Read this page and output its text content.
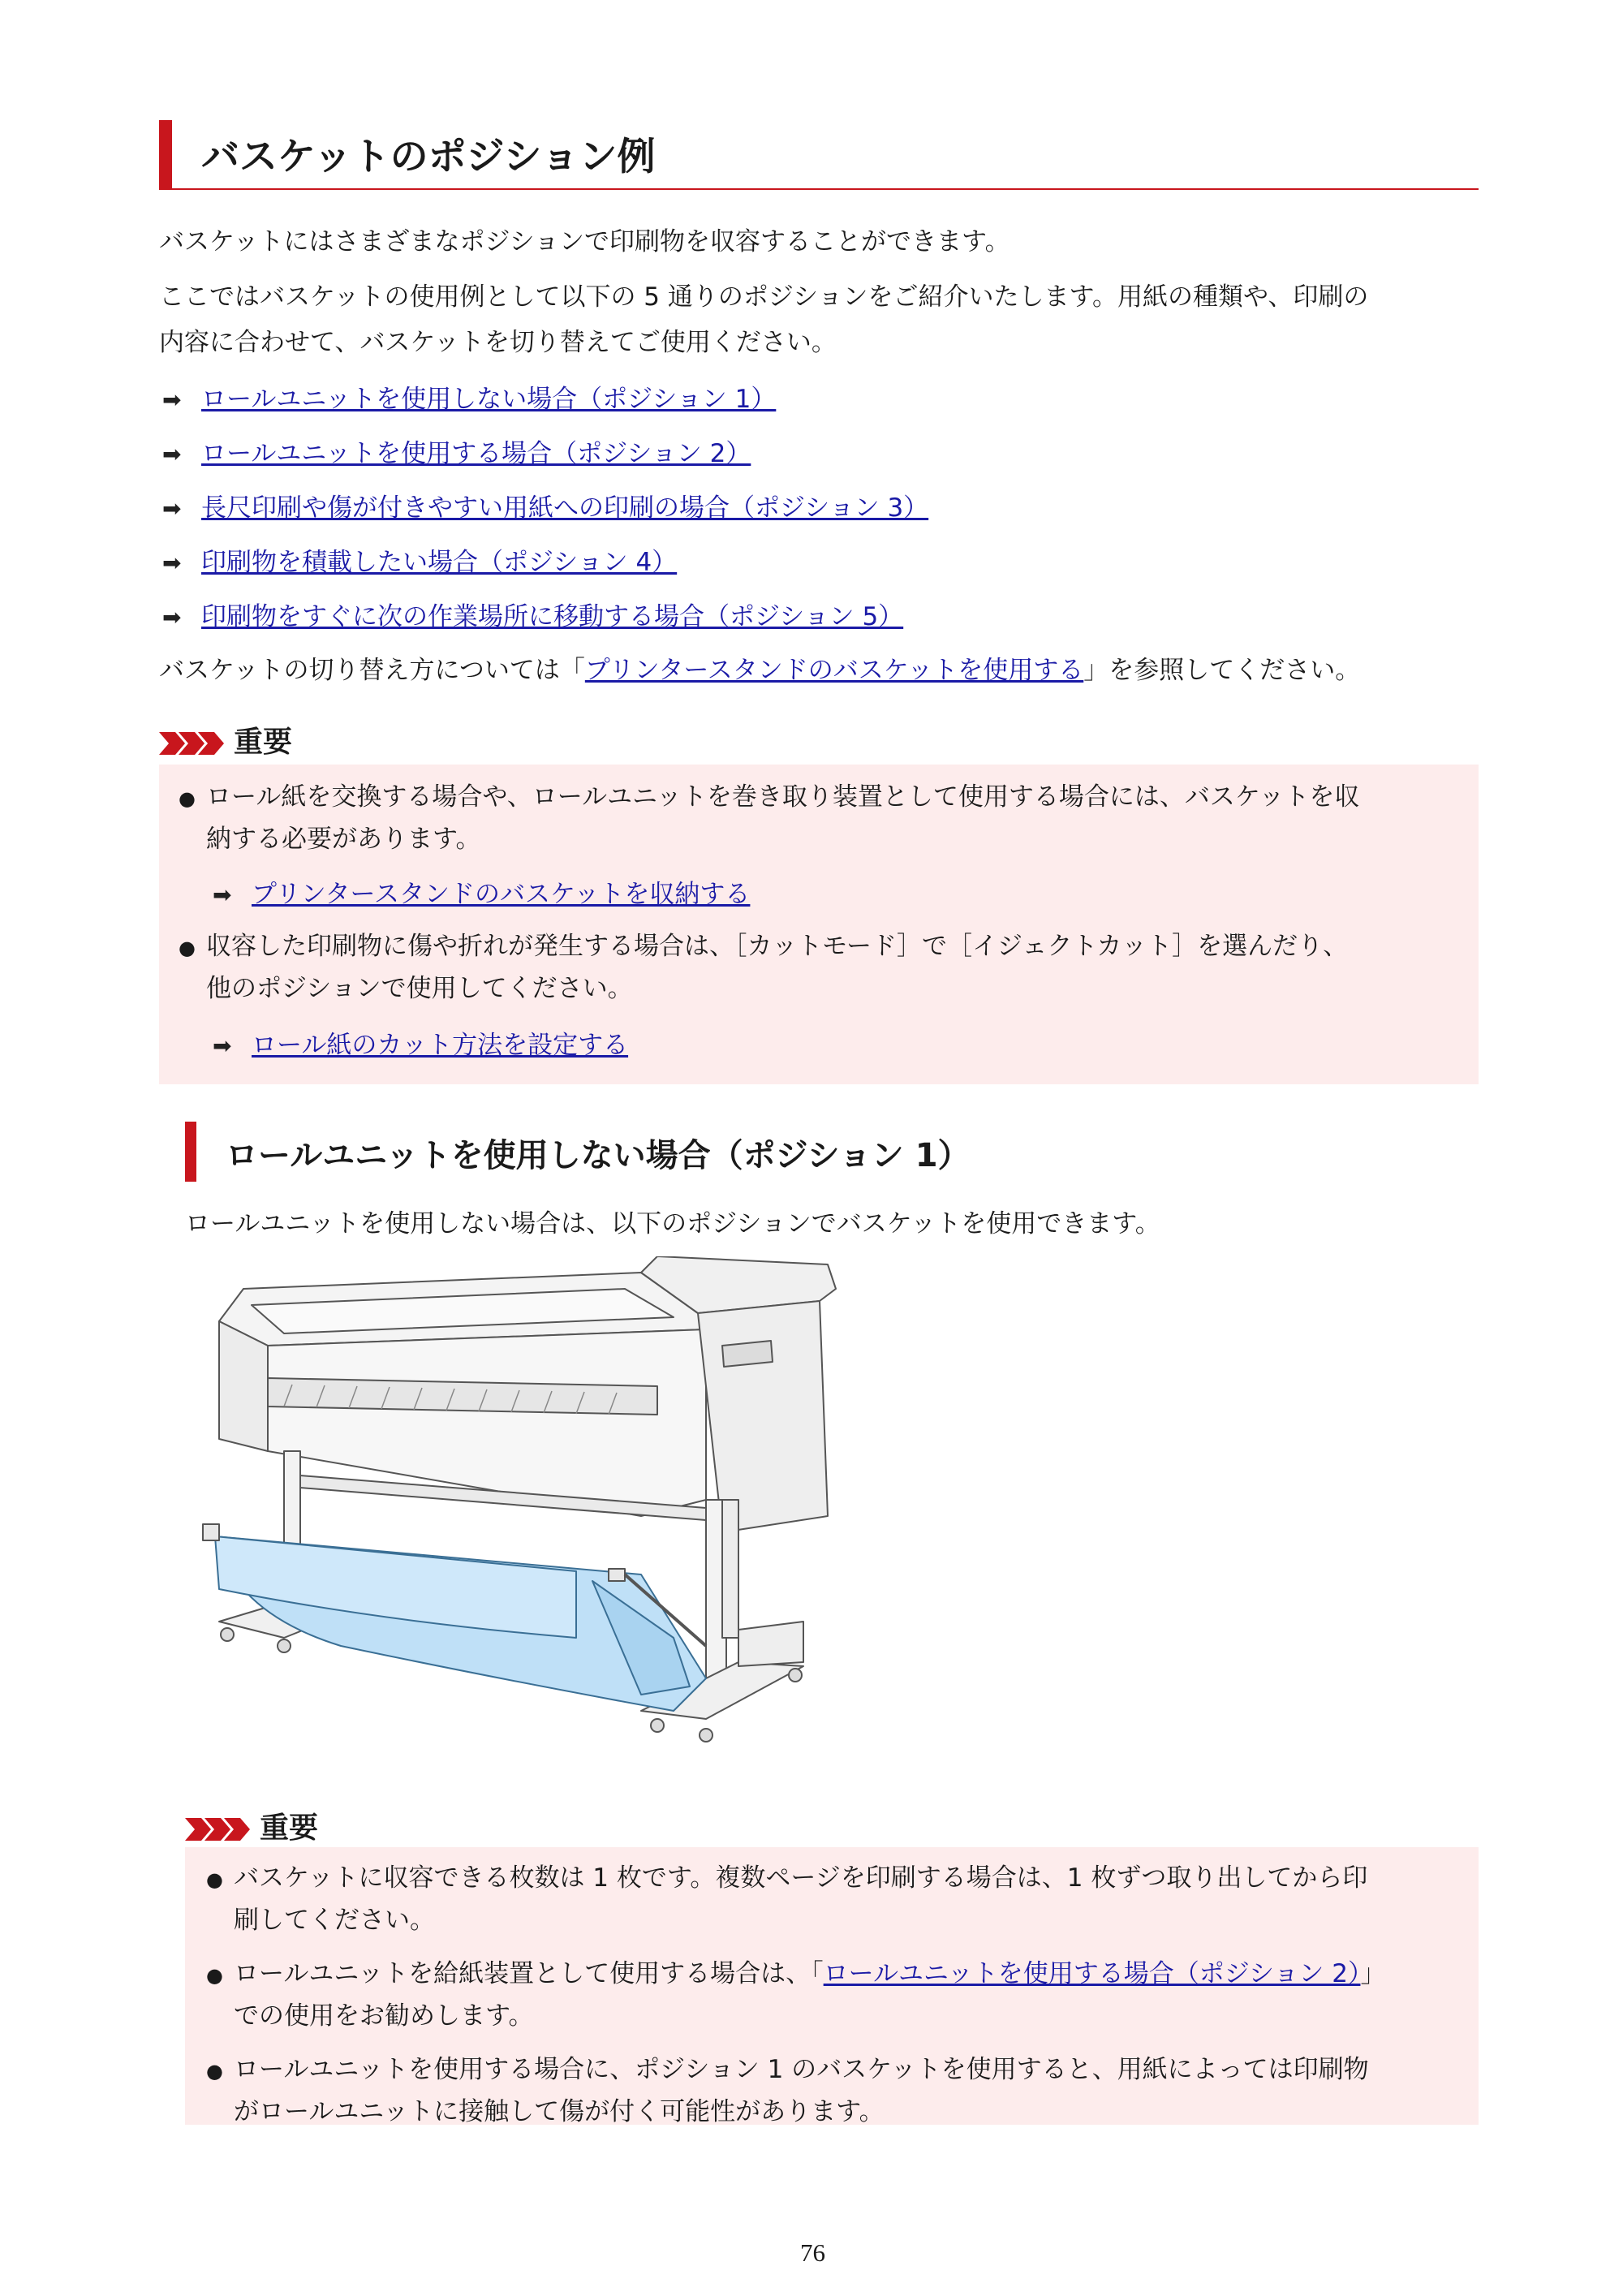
バスケットのポジション例

バスケットにはさまざまなポジションで印刷物を収容することができます。

ここではバスケットの使用例として以下の 5 通りのポジションをご紹介いたします。用紙の種類や、印刷の

内容に合わせて、バスケットを切り替えてご使用ください。

➡ ロールユニットを使用しない場合（ポジション 1）
➡ ロールユニットを使用する場合（ポジション 2）
➡ 長尺印刷や傷が付きやすい用紙への印刷の場合（ポジション 3）
➡ 印刷物を積載したい場合（ポジション 4）
➡ 印刷物をすぐに次の作業場所に移動する場合（ポジション 5）

バスケットの切り替え方については「プリンタースタンドのバスケットを使用する」を参照してください。

重要

● ロール紙を交換する場合や、ロールユニットを巻き取り装置として使用する場合には、バスケットを収

納する必要があります。

➡ プリンタースタンドのバスケットを収納する

● 収容した印刷物に傷や折れが発生する場合は、［カットモード］で［イジェクトカット］を選んだり、

他のポジションで使用してください。

➡ ロール紙のカット方法を設定する
ロールユニットを使用しない場合（ポジション 1）

ロールユニットを使用しない場合は、以下のポジションでバスケットを使用できます。

重要

● バスケットに収容できる枚数は 1 枚です。複数ページを印刷する場合は、1 枚ずつ取り出してから印

刷してください。

● ロールユニットを給紙装置として使用する場合は、「ロールユニットを使用する場合（ポジション 2）」

での使用をお勧めします。

● ロールユニットを使用する場合に、ポジション 1 のバスケットを使用すると、用紙によっては印刷物

がロールユニットに接触して傷が付く可能性があります。

76
